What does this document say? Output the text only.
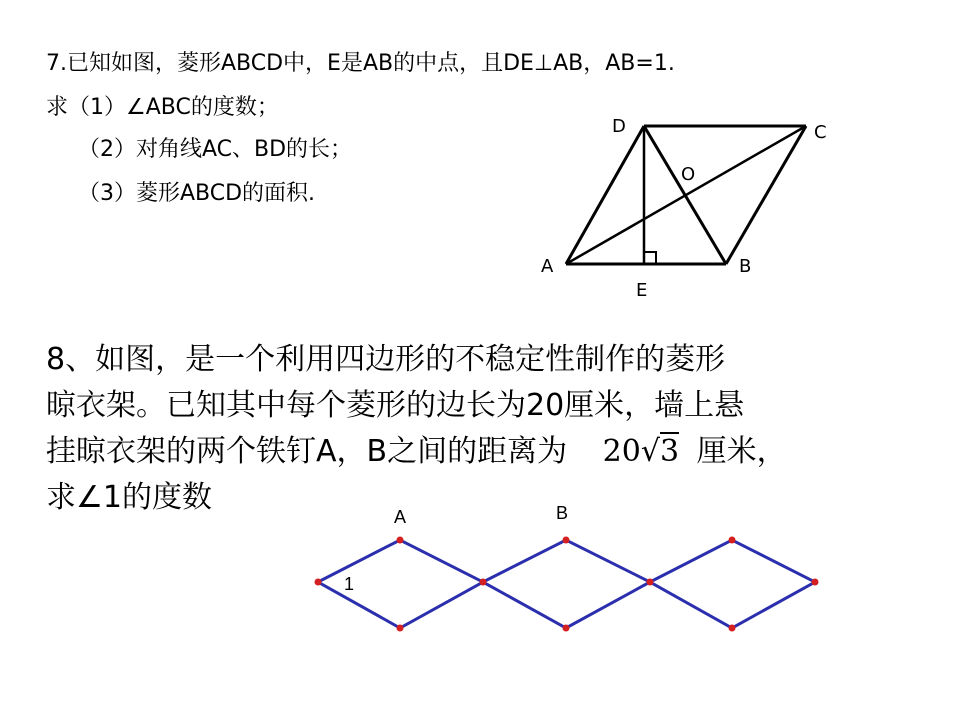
7.已知如图，菱形ABCD中，E是AB的中点，且DE⊥AB，AB=1.
求（1）∠ABC的度数；
（2）对角线AC、BD的长；
（3）菱形ABCD的面积.
A	B
C
D
E
O
8、如图，是一个利用四边形的不稳定性制作的菱形
晾衣架。已知其中每个菱形的边长为20厘米，墙上悬
挂晾衣架的两个铁钉A，B之间的距离为 20√3 厘米，
求∠1的度数
A	B
1
